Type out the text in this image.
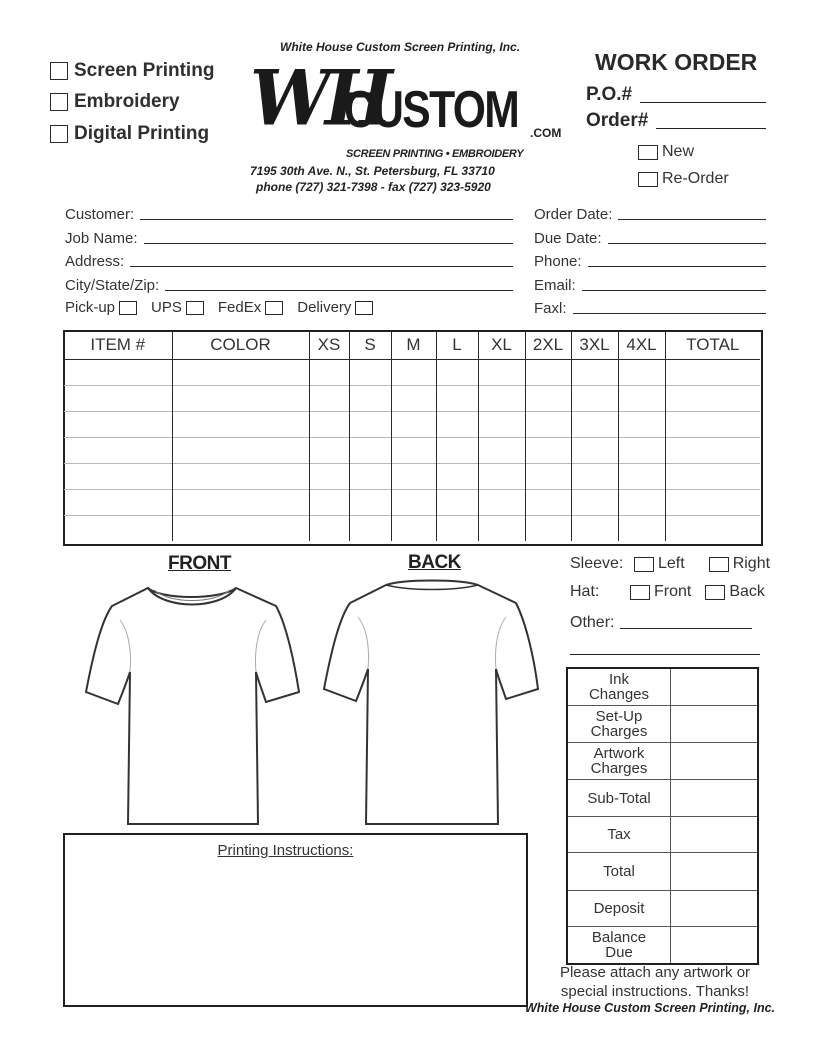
Screen Printing
Embroidery
Digital Printing
White House Custom Screen Printing, Inc.
WH
CUSTOM .COM
SCREEN PRINTING • EMBROIDERY
7195 30th Ave. N., St. Petersburg, FL 33710
phone (727) 321-7398 - fax (727) 323-5920
WORK ORDER
P.O.#
Order#
New
Re-Order
Customer:
Job Name:
Address:
City/State/Zip:
Order Date:
Due Date:
Phone:
Email:
Faxl:
Pick-up UPS FedEx Delivery
ITEM #	COLOR	XS	S	M	L	XL	2XL	3XL	4XL	TOTAL

FRONT	BACK	Sleeve:	Left	Right
Hat:	Front Back
Other:
Ink
Changes	

Set-Up
Charges	

Artwork
Charges	

Sub-Total	

Tax	

Total	

Deposit	

Balance
Due	

Printing Instructions:
Please attach any artwork or
special instructions. Thanks!
White House Custom Screen Printing, Inc.
